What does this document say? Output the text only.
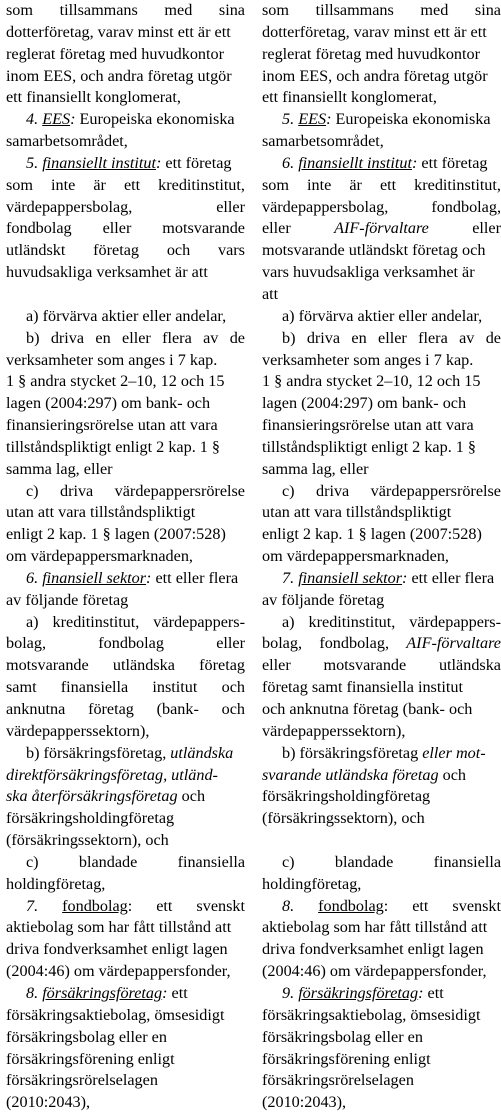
som tillsammans med sina
dotterföretag, varav minst ett är ett
reglerat företag med huvudkontor
inom EES, och andra företag utgör
ett finansiellt konglomerat,
4. EES: Europeiska ekonomiska
samarbetsområdet,
5. finansiellt institut: ett företag
som inte är ett kreditinstitut,
värdepappersbolag,	eller
fondbolag eller motsvarande
utländskt företag och vars
huvudsakliga verksamhet är att

a) förvärva aktier eller andelar,
b) driva en eller flera av de
verksamheter som anges i 7 kap.
1 § andra stycket 2–10, 12 och 15
lagen (2004:297) om bank- och
finansieringsrörelse utan att vara
tillståndspliktigt enligt 2 kap. 1 §
samma lag, eller
c) driva värdepappersrörelse
utan att vara tillståndspliktigt
enligt 2 kap. 1 § lagen (2007:528)
om värdepappersmarknaden,
6. finansiell sektor: ett eller flera
av följande företag
a) kreditinstitut, värdepappers-
bolag,	fondbolag	eller
motsvarande utländska företag
samt finansiella institut och
anknutna företag (bank- och
värdepapperssektorn),
b) försäkringsföretag, utländska
direktförsäkringsföretag, utländ-
ska återförsäkringsföretag och
försäkringsholdingföretag
(försäkringssektorn), och
c) blandade finansiella
holdingföretag,
7. fondbolag: ett svenskt
aktiebolag som har fått tillstånd att
driva fondverksamhet enligt lagen
(2004:46) om värdepappersfonder,
8. försäkringsföretag: ett
försäkringsaktiebolag, ömsesidigt
försäkringsbolag eller en
försäkringsförening enligt
försäkringsrörelselagen
(2010:2043),
som tillsammans med sina
dotterföretag, varav minst ett är ett
reglerat företag med huvudkontor
inom EES, och andra företag utgör
ett finansiellt konglomerat,
5. EES: Europeiska ekonomiska
samarbetsområdet,
6. finansiellt institut: ett företag
som inte är ett kreditinstitut,
värdepappersbolag,	fondbolag,
eller	AIF-förvaltare	eller
motsvarande utländskt företag och
vars huvudsakliga verksamhet är
att
a) förvärva aktier eller andelar,
b) driva en eller flera av de
verksamheter som anges i 7 kap.
1 § andra stycket 2–10, 12 och 15
lagen (2004:297) om bank- och
finansieringsrörelse utan att vara
tillståndspliktigt enligt 2 kap. 1 §
samma lag, eller
c) driva värdepappersrörelse
utan att vara tillståndspliktigt
enligt 2 kap. 1 § lagen (2007:528)
om värdepappersmarknaden,
7. finansiell sektor: ett eller flera
av följande företag
a) kreditinstitut, värdepappers-
bolag, fondbolag, AIF-förvaltare
eller motsvarande utländska
företag samt finansiella institut
och anknutna företag (bank- och
värdepapperssektorn),
b) försäkringsföretag eller mot-
svarande utländska företag och
försäkringsholdingföretag
(försäkringssektorn), och

c) blandade finansiella
holdingföretag,
8. fondbolag: ett svenskt
aktiebolag som har fått tillstånd att
driva fondverksamhet enligt lagen
(2004:46) om värdepappersfonder,
9. försäkringsföretag: ett
försäkringsaktiebolag, ömsesidigt
försäkringsbolag eller en
försäkringsförening enligt
försäkringsrörelselagen
(2010:2043),
